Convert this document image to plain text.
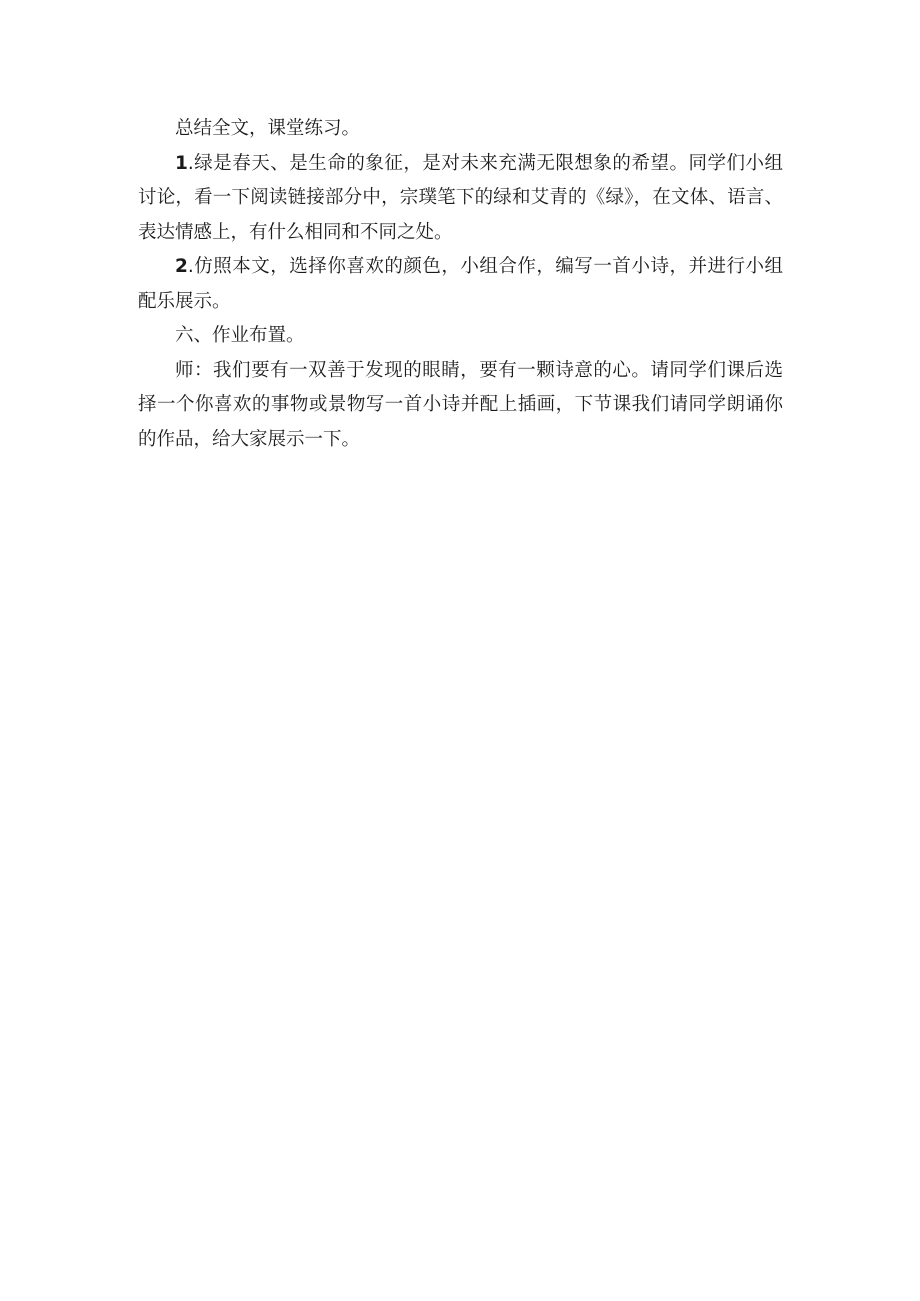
总结全文，课堂练习。

1.绿是春天、是生命的象征，是对未来充满无限想象的希望。同学们小组讨论，看一下阅读链接部分中，宗璞笔下的绿和艾青的《绿》，在文体、语言、表达情感上，有什么相同和不同之处。

2.仿照本文，选择你喜欢的颜色，小组合作，编写一首小诗，并进行小组配乐展示。

六、作业布置。

师：我们要有一双善于发现的眼睛，要有一颗诗意的心。请同学们课后选择一个你喜欢的事物或景物写一首小诗并配上插画，下节课我们请同学朗诵你的作品，给大家展示一下。
